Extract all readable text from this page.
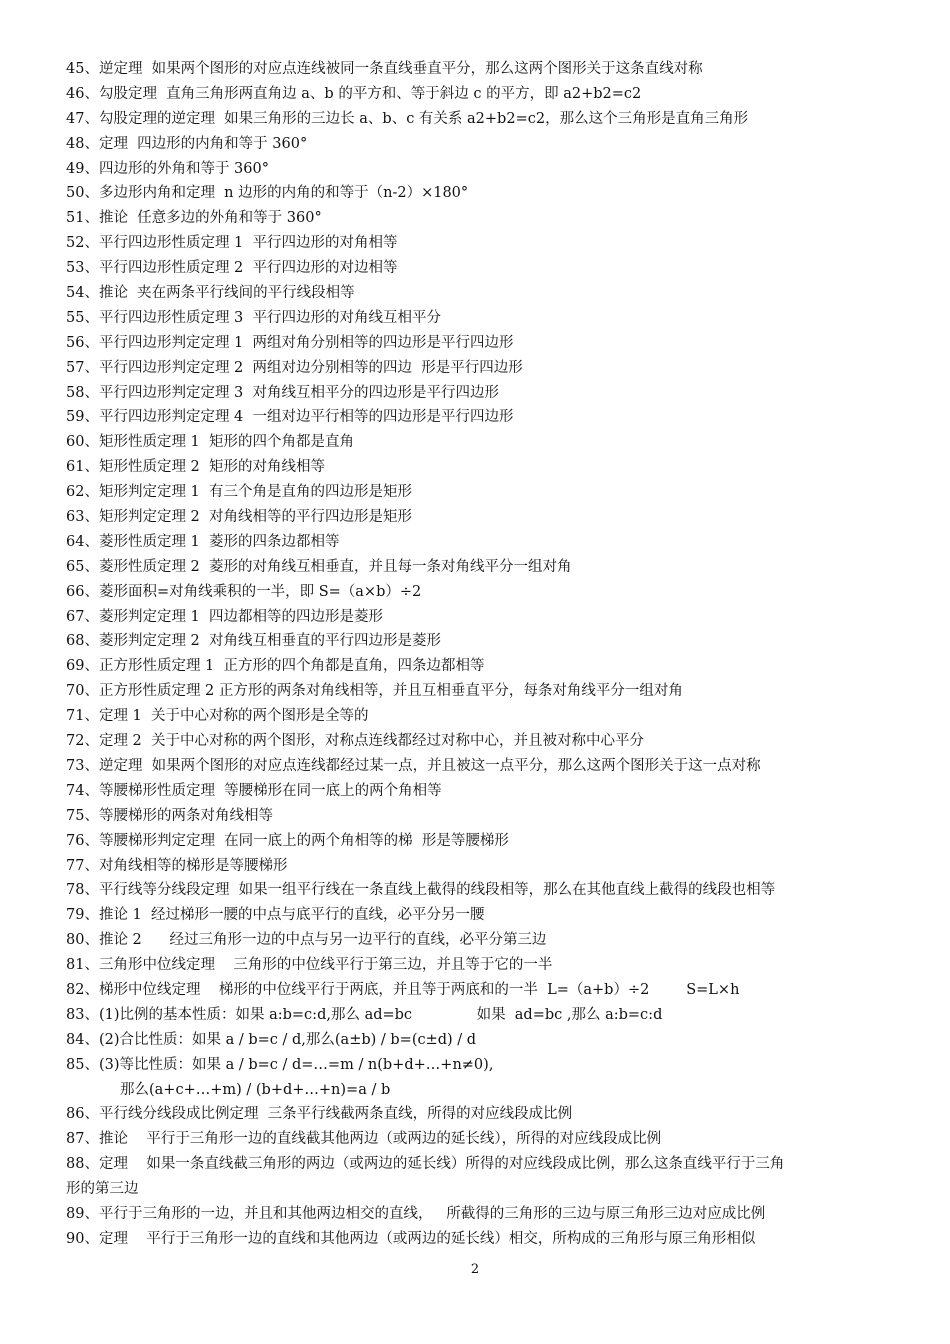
45、逆定理  如果两个图形的对应点连线被同一条直线垂直平分，那么这两个图形关于这条直线对称
46、勾股定理  直角三角形两直角边 a、b 的平方和、等于斜边 c 的平方，即 a2+b2=c2
47、勾股定理的逆定理  如果三角形的三边长 a、b、c 有关系 a2+b2=c2，那么这个三角形是直角三角形
48、定理  四边形的内角和等于 360°
49、四边形的外角和等于 360°
50、多边形内角和定理  n 边形的内角的和等于（n-2）×180°
51、推论  任意多边的外角和等于 360°
52、平行四边形性质定理 1  平行四边形的对角相等
53、平行四边形性质定理 2  平行四边形的对边相等
54、推论  夹在两条平行线间的平行线段相等
55、平行四边形性质定理 3  平行四边形的对角线互相平分
56、平行四边形判定定理 1  两组对角分别相等的四边形是平行四边形
57、平行四边形判定定理 2  两组对边分别相等的四边  形是平行四边形
58、平行四边形判定定理 3  对角线互相平分的四边形是平行四边形
59、平行四边形判定定理 4  一组对边平行相等的四边形是平行四边形
60、矩形性质定理 1  矩形的四个角都是直角
61、矩形性质定理 2  矩形的对角线相等
62、矩形判定定理 1  有三个角是直角的四边形是矩形
63、矩形判定定理 2  对角线相等的平行四边形是矩形
64、菱形性质定理 1  菱形的四条边都相等
65、菱形性质定理 2  菱形的对角线互相垂直，并且每一条对角线平分一组对角
66、菱形面积=对角线乘积的一半，即 S=（a×b）÷2
67、菱形判定定理 1  四边都相等的四边形是菱形
68、菱形判定定理 2  对角线互相垂直的平行四边形是菱形
69、正方形性质定理 1  正方形的四个角都是直角，四条边都相等
70、正方形性质定理 2 正方形的两条对角线相等，并且互相垂直平分，每条对角线平分一组对角
71、定理 1  关于中心对称的两个图形是全等的
72、定理 2  关于中心对称的两个图形，对称点连线都经过对称中心，并且被对称中心平分
73、逆定理  如果两个图形的对应点连线都经过某一点，并且被这一点平分，那么这两个图形关于这一点对称
74、等腰梯形性质定理  等腰梯形在同一底上的两个角相等
75、等腰梯形的两条对角线相等
76、等腰梯形判定定理  在同一底上的两个角相等的梯  形是等腰梯形
77、对角线相等的梯形是等腰梯形
78、平行线等分线段定理  如果一组平行线在一条直线上截得的线段相等，那么在其他直线上截得的线段也相等
79、推论 1  经过梯形一腰的中点与底平行的直线，必平分另一腰
80、推论 2      经过三角形一边的中点与另一边平行的直线，必平分第三边
81、三角形中位线定理    三角形的中位线平行于第三边，并且等于它的一半
82、梯形中位线定理    梯形的中位线平行于两底，并且等于两底和的一半  L=（a+b）÷2        S=L×h
83、(1)比例的基本性质：如果 a:b=c:d,那么 ad=bc              如果  ad=bc ,那么 a:b=c:d
84、(2)合比性质：如果 a / b=c / d,那么(a±b) / b=(c±d) / d
85、(3)等比性质：如果 a / b=c / d=…=m / n(b+d+…+n≠0),
那么(a+c+…+m) / (b+d+…+n)=a / b
86、平行线分线段成比例定理  三条平行线截两条直线，所得的对应线段成比例
87、推论    平行于三角形一边的直线截其他两边（或两边的延长线），所得的对应线段成比例
88、定理    如果一条直线截三角形的两边（或两边的延长线）所得的对应线段成比例，那么这条直线平行于三角
形的第三边
89、平行于三角形的一边，并且和其他两边相交的直线，   所截得的三角形的三边与原三角形三边对应成比例
90、定理    平行于三角形一边的直线和其他两边（或两边的延长线）相交，所构成的三角形与原三角形相似
2
